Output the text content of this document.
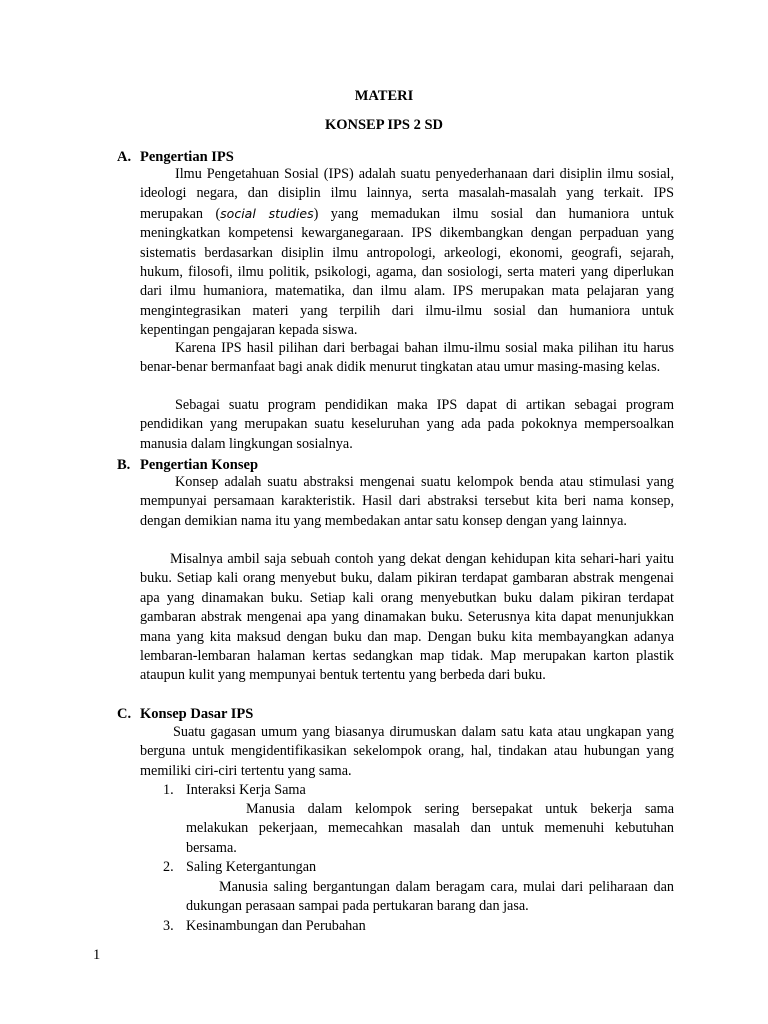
MATERI
KONSEP IPS 2 SD
A. Pengertian IPS

Ilmu Pengetahuan Sosial (IPS) adalah suatu penyederhanaan dari disiplin ilmu sosial, ideologi negara, dan disiplin ilmu lainnya, serta masalah-masalah yang terkait. IPS merupakan (social studies) yang memadukan ilmu sosial dan humaniora untuk meningkatkan kompetensi kewarganegaraan. IPS dikembangkan dengan perpaduan yang sistematis berdasarkan disiplin ilmu antropologi, arkeologi, ekonomi, geografi, sejarah, hukum, filosofi, ilmu politik, psikologi, agama, dan sosiologi, serta materi yang diperlukan dari ilmu humaniora, matematika, dan ilmu alam. IPS merupakan mata pelajaran yang mengintegrasikan materi yang terpilih dari ilmu-ilmu sosial dan humaniora untuk kepentingan pengajaran kepada siswa.

Karena IPS hasil pilihan dari berbagai bahan ilmu-ilmu sosial maka pilihan itu harus benar-benar bermanfaat bagi anak didik menurut tingkatan atau umur masing-masing kelas.

Sebagai suatu program pendidikan maka IPS dapat di artikan sebagai program pendidikan yang merupakan suatu keseluruhan yang ada pada pokoknya mempersoalkan manusia dalam lingkungan sosialnya.

B. Pengertian Konsep

Konsep adalah suatu abstraksi mengenai suatu kelompok benda atau stimulasi yang mempunyai persamaan karakteristik. Hasil dari abstraksi tersebut kita beri nama konsep, dengan demikian nama itu yang membedakan antar satu konsep dengan yang lainnya.

Misalnya ambil saja sebuah contoh yang dekat dengan kehidupan kita sehari-hari yaitu buku. Setiap kali orang menyebut buku, dalam pikiran terdapat gambaran abstrak mengenai apa yang dinamakan buku. Setiap kali orang menyebutkan buku dalam pikiran terdapat gambaran abstrak mengenai apa yang dinamakan buku. Seterusnya kita dapat menunjukkan mana yang kita maksud dengan buku dan map. Dengan buku kita membayangkan adanya lembaran-lembaran halaman kertas sedangkan map tidak. Map merupakan karton plastik ataupun kulit yang mempunyai bentuk tertentu yang berbeda dari buku.

C. Konsep Dasar IPS

Suatu gagasan umum yang biasanya dirumuskan dalam satu kata atau ungkapan yang berguna untuk mengidentifikasikan sekelompok orang, hal, tindakan atau hubungan yang memiliki ciri-ciri tertentu yang sama.

1. Interaksi Kerja Sama

Manusia dalam kelompok sering bersepakat untuk bekerja sama melakukan pekerjaan, memecahkan masalah dan untuk memenuhi kebutuhan bersama.

2. Saling Ketergantungan

Manusia saling bergantungan dalam beragam cara, mulai dari peliharaan dan dukungan perasaan sampai pada pertukaran barang dan jasa.

3. Kesinambungan dan Perubahan
1
